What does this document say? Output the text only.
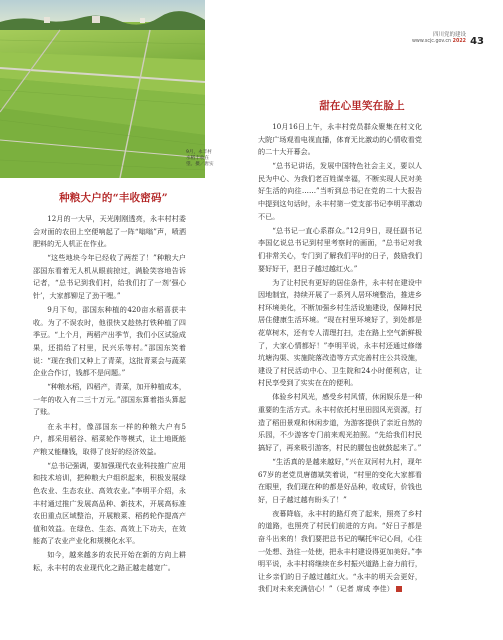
9月，永丰村水稻丰收在望。摄／唐实
四川党的建设
www.scjc.gov.cn 2022 43
种粮大户的“丰收密码”

12月的一大早，天光刚刚透亮，永丰村村委会对面的农田上空便响起了一阵“嗡嗡”声，喷洒肥料的无人机正在作业。

“这些地块今年已经收了两茬了！”种粮大户邵国东看着无人机从眼前掠过，满脸笑容地告诉记者，“总书记到我们村，给我们打了一剂‘强心针’，大家都铆足了劲干哩。”

9月下旬，邵国东种植的420亩水稻喜获丰收。为了不误农时，他很快又趁热打铁种植了四季豆。“上个月，两稻产出季节，我们小区试验成果，还捐给了村里，民兴乐等村。”邵国东笑着说：“现在我们又种上了青菜，这批青菜会与蔬菜企业合作订，钱都不是问题。”

“种粮水稻，四稻产，青菜，加开种植成本，一年的收入有二三十万元。”邵国东算着指头算起了账。

在永丰村，像邵国东一样的种粮大户有5户，都采用稻谷、稻菜轮作等模式，让土地既能产粮又能赚钱，取得了良好的经济效益。

“总书记强调，要加强现代农业科技推广应用和技术培训，把种粮大户组织起来，积极发展绿色农业、生态农业、高效农业。”李明平介绍，永丰村通过推广发展高品种、新技术，开展高标准农田重点区域整治，开展粮菜、稻药轮作提高产值和效益。在绿色、生态、高效上下功夫，在效能高了农业产业化和规模化水平。

如今，越来越多的农民开始在新的方向上耕耘，永丰村的农业现代化之路正越走越宽广。

甜在心里笑在脸上

10月16日上午，永丰村党员群众聚集在村文化大院广场观看电视直播，体育无比激动的心情收看党的二十大开幕会。

“总书记讲话，发展中国特色社会主义，要以人民为中心、为我们老百姓谋幸福，不断实现人民对美好生活的向往……”当听到总书记在党的二十大报告中提到这句话时，永丰村第一党支部书记李明平激动不已。

“总书记一直心系群众。”12月9日，现任副书记李国亿说总书记到村里考察时的画面，“总书记对我们非常关心，专门到了解我们平时的日子，鼓励我们要好好干，把日子越过越红火。”

为了让村民有更好的居住条件，永丰村在建设中因地制宜，持续开展了一系列人居环境整治，推进乡村环境美化，不断加强乡村生活设施建设，保障村民居住健康生活环境。“现在村里环境好了，到处都是花草树木，还有专人清理打扫，走在路上空气新鲜极了，大家心情都好！”李明平说，永丰村还通过修缮坑塘沟渠、实施院落改造等方式完善村庄公共设施，建设了村民活动中心、卫生院和24小时便利店，让村民享受到了实实在在的便利。

体验乡村风光，感受乡村风情，休闲娱乐是一种重要的生活方式。永丰村依托村里田园风光资源，打造了稻田景观和休闲步道，为游客提供了亲近自然的乐园，不少游客专门前来观光拍照。“先给我们村民搞好了，再来吸引游客，村民的腰包也就鼓起来了。”

“生活真的是越来越好，”兴在双河村九村，现年67岁的老党员唐德斌笑着说，“村里的变化大家都看在眼里，我们现在种的都是好品种，收成好，价钱也好，日子越过越有盼头了！”

夜幕降临，永丰村的路灯亮了起来，照亮了乡村的道路，也照亮了村民们前进的方向。“好日子都是奋斗出来的！我们要把总书记的嘱托牢记心间，心往一处想、劲往一处使，把永丰村建设得更加美好。”李明平说，永丰村将继续在乡村振兴道路上奋力前行，让乡亲们的日子越过越红火。“永丰的明天会更好，我们对未来充满信心！”（记者 席成 李佳）
